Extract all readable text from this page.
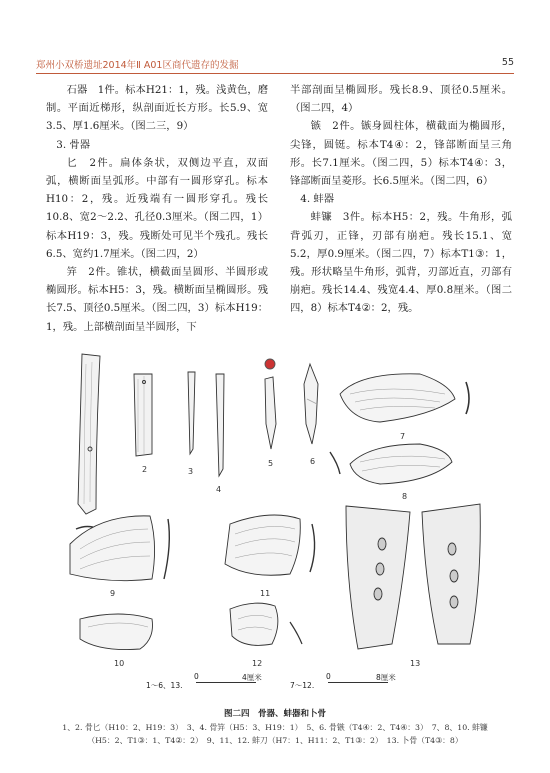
郑州小双桥遗址2014年Ⅱ A01区商代遗存的发掘	55

石器　1件。标本H21：1，残。浅黄色，磨制。平面近梯形，纵剖面近长方形。长5.9、宽3.5、厚1.6厘米。（图二三，9）

3. 骨器

匕　2件。扁体条状，双侧边平直，双面弧，横断面呈弧形。中部有一圆形穿孔。标本H10：2，残。近残端有一圆形穿孔。残长10.8、宽2～2.2、孔径0.3厘米。（图二四，1）标本H19：3，残。残断处可见半个残孔。残长6.5、宽约1.7厘米。（图二四，2）

笄　2件。锥状，横截面呈圆形、半圆形或椭圆形。标本H5：3，残。横断面呈椭圆形。残长7.5、顶径0.5厘米。（图二四，3）标本H19：1，残。上部横剖面呈半圆形，下

半部剖面呈椭圆形。残长8.9、顶径0.5厘米。（图二四，4）

镞　2件。镞身圆柱体，横截面为椭圆形，尖锋，圆铤。标本T4④：2，锋部断面呈三角形。长7.1厘米。（图二四，5）标本T4④：3，锋部断面呈菱形。长6.5厘米。（图二四，6）

4. 蚌器

蚌镰　3件。标本H5：2，残。牛角形，弧背弧刃，正锋，刃部有崩疤。残长15.1、宽5.2，厚0.9厘米。（图二四，7）标本T1③：1，残。形状略呈牛角形，弧背，刃部近直，刃部有崩疤。残长14.4、残宽4.4、厚0.8厘米。（图二四，8）标本T4②：2，残。

2	3
4
5	6
7
8
9	11
10	12	13
1～6、13.
0	4厘米
7～12.
0	8厘米
图二四　骨器、蚌器和卜骨
1、2. 骨匕（H10：2、H19：3）　3、4. 骨笄（H5：3、H19：1）　5、6. 骨镞（T4④：2、T4④：3）　7、8、10. 蚌镰
（H5：2、T1③：1、T4②：2）　9、11、12. 蚌刀（H7：1、H11：2、T1③：2）　13. 卜骨（T4③：8）
